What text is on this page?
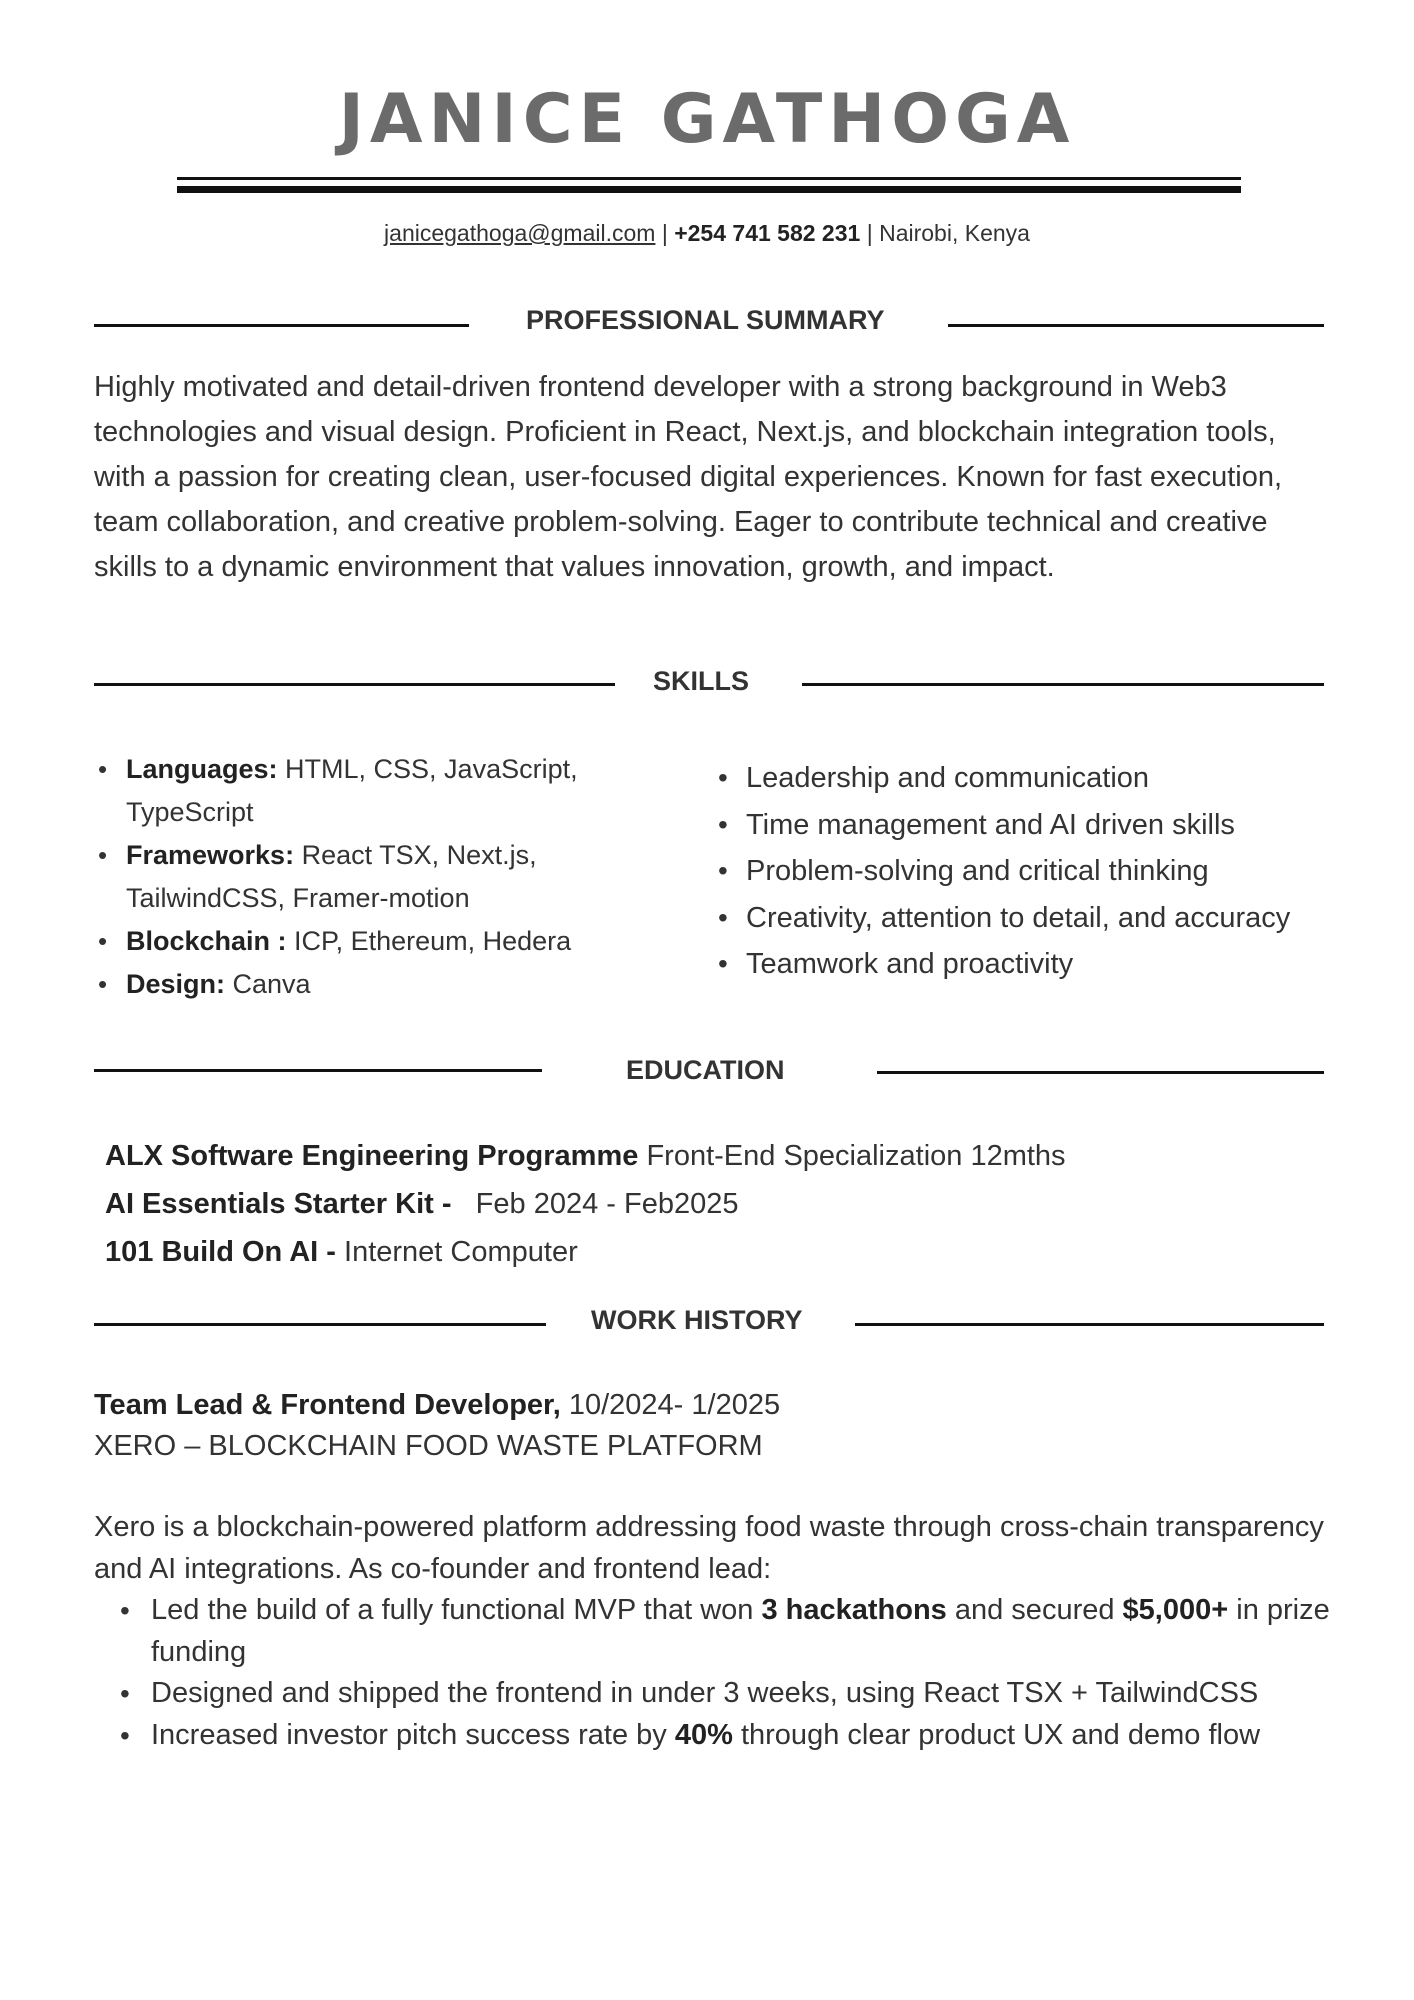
JANICE GATHOGA
janicegathoga@gmail.com | +254 741 582 231 | Nairobi, Kenya
PROFESSIONAL SUMMARY

Highly motivated and detail-driven frontend developer with a strong background in Web3 technologies and visual design. Proficient in React, Next.js, and blockchain integration tools, with a passion for creating clean, user-focused digital experiences. Known for fast execution, team collaboration, and creative problem-solving. Eager to contribute technical and creative skills to a dynamic environment that values innovation, growth, and impact.

SKILLS
• Languages: HTML, CSS, JavaScript, TypeScript
• Frameworks: React TSX, Next.js, TailwindCSS, Framer-motion
• Blockchain : ICP, Ethereum, Hedera
• Design: Canva
• Leadership and communication
• Time management and AI driven skills
• Problem-solving and critical thinking
• Creativity, attention to detail, and accuracy
• Teamwork and proactivity
EDUCATION
ALX Software Engineering Programme Front-End Specialization 12mths
AI Essentials Starter Kit -   Feb 2024 - Feb2025
101 Build On AI - Internet Computer
WORK HISTORY
Team Lead & Frontend Developer, 10/2024- 1/2025
XERO – BLOCKCHAIN FOOD WASTE PLATFORM

Xero is a blockchain-powered platform addressing food waste through cross-chain transparency and AI integrations. As co-founder and frontend lead:

• Led the build of a fully functional MVP that won 3 hackathons and secured $5,000+ in prize funding
• Designed and shipped the frontend in under 3 weeks, using React TSX + TailwindCSS
• Increased investor pitch success rate by 40% through clear product UX and demo flow
